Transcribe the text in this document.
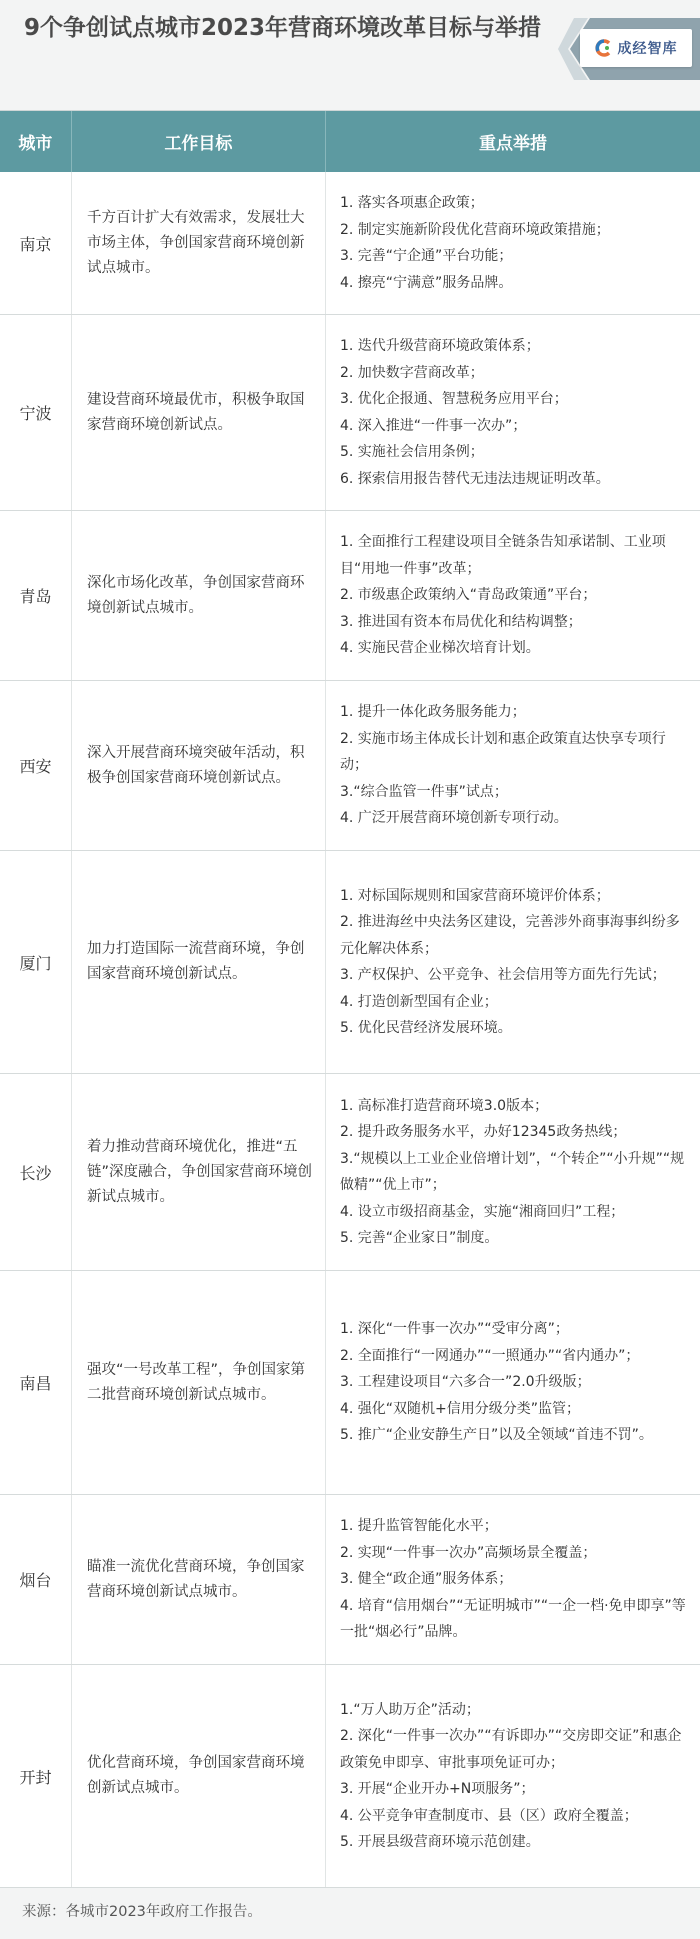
9个争创试点城市2023年营商环境改革目标与举措
成经智库
城市	工作目标	重点举措
南京
千方百计扩大有效需求，发展壮大市场主体，争创国家营商环境创新试点城市。
1. 落实各项惠企政策；
2. 制定实施新阶段优化营商环境政策措施；
3. 完善“宁企通”平台功能；
4. 擦亮“宁满意”服务品牌。
宁波
建设营商环境最优市，积极争取国家营商环境创新试点。
1. 迭代升级营商环境政策体系；
2. 加快数字营商改革；
3. 优化企报通、智慧税务应用平台；
4. 深入推进“一件事一次办”；
5. 实施社会信用条例；
6. 探索信用报告替代无违法违规证明改革。
青岛
深化市场化改革，争创国家营商环境创新试点城市。
1. 全面推行工程建设项目全链条告知承诺制、工业项目“用地一件事”改革；
2. 市级惠企政策纳入“青岛政策通”平台；
3. 推进国有资本布局优化和结构调整；
4. 实施民营企业梯次培育计划。
西安
深入开展营商环境突破年活动，积极争创国家营商环境创新试点。
1. 提升一体化政务服务能力；
2. 实施市场主体成长计划和惠企政策直达快享专项行动；
3.“综合监管一件事”试点；
4. 广泛开展营商环境创新专项行动。
厦门
加力打造国际一流营商环境，争创国家营商环境创新试点。
1. 对标国际规则和国家营商环境评价体系；
2. 推进海丝中央法务区建设，完善涉外商事海事纠纷多元化解决体系；
3. 产权保护、公平竞争、社会信用等方面先行先试；
4. 打造创新型国有企业；
5. 优化民营经济发展环境。
长沙
着力推动营商环境优化，推进“五链”深度融合，争创国家营商环境创新试点城市。
1. 高标准打造营商环境3.0版本；
2. 提升政务服务水平，办好12345政务热线；
3.“规模以上工业企业倍增计划”，“个转企”“小升规”“规做精”“优上市”；
4. 设立市级招商基金，实施“湘商回归”工程；
5. 完善“企业家日”制度。
南昌
强攻“一号改革工程”，争创国家第二批营商环境创新试点城市。
1. 深化“一件事一次办”“受审分离”；
2. 全面推行“一网通办”“一照通办”“省内通办”；
3. 工程建设项目“六多合一”2.0升级版；
4. 强化“双随机+信用分级分类”监管；
5. 推广“企业安静生产日”以及全领域“首违不罚”。
烟台
瞄准一流优化营商环境，争创国家营商环境创新试点城市。
1. 提升监管智能化水平；
2. 实现“一件事一次办”高频场景全覆盖；
3. 健全“政企通”服务体系；
4. 培育“信用烟台”“无证明城市”“一企一档·免申即享”等一批“烟必行”品牌。
开封
优化营商环境，争创国家营商环境创新试点城市。
1.“万人助万企”活动；
2. 深化“一件事一次办”“有诉即办”“交房即交证”和惠企政策免申即享、审批事项免证可办；
3. 开展“企业开办+N项服务”；
4. 公平竞争审查制度市、县（区）政府全覆盖；
5. 开展县级营商环境示范创建。
来源：各城市2023年政府工作报告。
